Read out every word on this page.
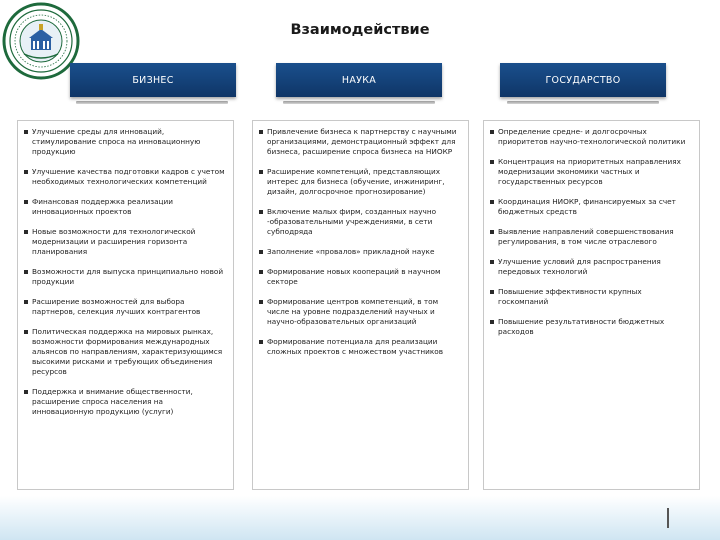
Взаимодействие
БИЗНЕС	НАУКА	ГОСУДАРСТВО
Улучшение среды для инноваций, стимулирование спроса на инновационную продукцию
Улучшение качества подготовки кадров с учетом необходимых технологических компетенций
Финансовая поддержка реализации инновационных проектов
Новые возможности для технологической модернизации и расширения горизонта планирования
Возможности для выпуска принципиально новой продукции
Расширение возможностей для выбора партнеров, селекция лучших контрагентов
Политическая поддержка на мировых рынках, возможности формирования международных альянсов по направлениям, характеризующимся высокими рисками и требующих объединения ресурсов
Поддержка и внимание общественности, расширение спроса населения на инновационную продукцию (услуги)
Привлечение бизнеса к партнерству с научными организациями, демонстрационный эффект для бизнеса, расширение спроса бизнеса на НИОКР
Расширение компетенций, представляющих интерес для бизнеса (обучение, инжиниринг, дизайн, долгосрочное прогнозирование)
Включение малых фирм, созданных научно -образовательными учреждениями, в сети субподряда
Заполнение «провалов» прикладной науке
Формирование новых коопераций в научном секторе
Формирование центров компетенций, в том числе на уровне подразделений научных и научно-образовательных организаций
Формирование потенциала для реализации сложных проектов с множеством участников
Определение средне- и долгосрочных приоритетов научно-технологической политики
Концентрация на приоритетных направлениях модернизации экономики частных и государственных ресурсов
Координация НИОКР, финансируемых за счет бюджетных средств
Выявление направлений совершенствования регулирования, в том числе отраслевого
Улучшение условий для распространения передовых технологий
Повышение эффективности крупных госкомпаний
Повышение результативности бюджетных расходов
